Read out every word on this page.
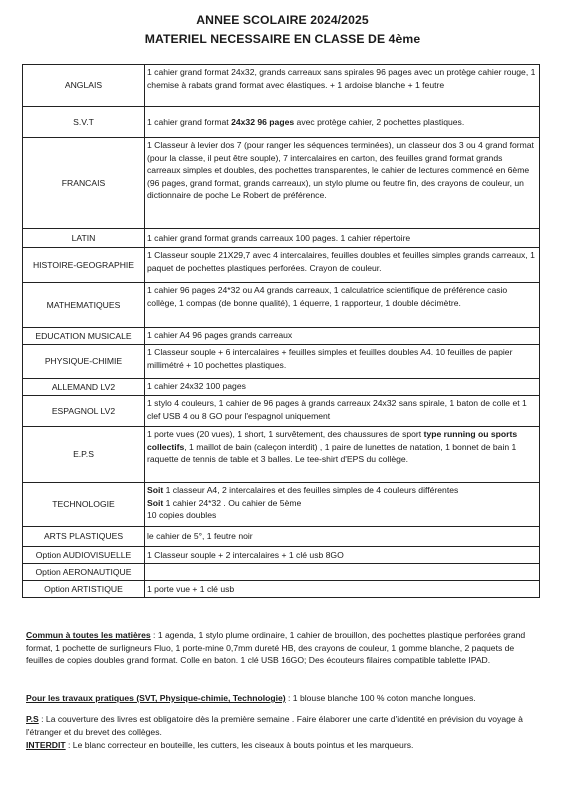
ANNEE SCOLAIRE 2024/2025
MATERIEL NECESSAIRE EN CLASSE DE 4ème
ANGLAIS	1 cahier grand format 24x32, grands carreaux sans spirales 96 pages avec un protège cahier rouge, 1 chemise à rabats grand format avec élastiques. + 1 ardoise blanche + 1 feutre
S.V.T	1 cahier grand format 24x32 96 pages avec protège cahier, 2 pochettes plastiques.
FRANCAIS	1 Classeur à levier dos 7 (pour ranger les séquences terminées), un classeur dos 3 ou 4 grand format (pour la classe, il peut être souple), 7 intercalaires en carton, des feuilles grand format grands carreaux simples et doubles, des pochettes transparentes, le cahier de lectures commencé en 6ème (96 pages, grand format, grands carreaux), un stylo plume ou feutre fin, des crayons de couleur, un dictionnaire de poche Le Robert de préférence.
LATIN	1 cahier grand format grands carreaux 100 pages. 1 cahier répertoire
HISTOIRE-GEOGRAPHIE	1 Classeur souple 21X29,7 avec 4 intercalaires, feuilles doubles et feuilles simples grands carreaux, 1 paquet de pochettes plastiques perforées. Crayon de couleur.
MATHEMATIQUES	1 cahier 96 pages 24*32 ou A4 grands carreaux, 1 calculatrice scientifique de préférence casio collège, 1 compas (de bonne qualité), 1 équerre, 1 rapporteur, 1 double décimètre.
EDUCATION MUSICALE	1 cahier A4 96 pages grands carreaux
PHYSIQUE-CHIMIE	1 Classeur souple + 6 intercalaires + feuilles simples et feuilles doubles A4. 10 feuilles de papier millimétré + 10 pochettes plastiques.
ALLEMAND LV2	1 cahier 24x32 100 pages
ESPAGNOL LV2	1 stylo 4 couleurs, 1 cahier de 96 pages à grands carreaux 24x32 sans spirale, 1 baton de colle et 1 clef USB 4 ou 8 GO pour l'espagnol uniquement
E.P.S	1 porte vues (20 vues), 1 short, 1 survêtement, des chaussures de sport type running ou sports collectifs, 1 maillot de bain (caleçon interdit) , 1 paire de lunettes de natation, 1 bonnet de bain 1 raquette de tennis de table et 3 balles. Le tee-shirt d'EPS du collège.
TECHNOLOGIE	Soit 1 classeur A4, 2 intercalaires et des feuilles simples de 4 couleurs différentes
Soit 1 cahier 24*32 . Ou cahier de 5ème
10 copies doubles

ARTS PLASTIQUES	le cahier de 5°, 1 feutre noir
Option AUDIOVISUELLE	1 Classeur souple + 2 intercalaires + 1 clé usb 8GO
Option AERONAUTIQUE	
Option ARTISTIQUE	1 porte vue + 1 clé usb
Commun à toutes les matières : 1 agenda, 1 stylo plume ordinaire, 1 cahier de brouillon, des pochettes plastique perforées grand format, 1 pochette de surligneurs Fluo, 1 porte-mine 0,7mm dureté HB, des crayons de couleur, 1 gomme blanche, 2 paquets de feuilles de copies doubles grand format. Colle en baton. 1 clé USB 16GO; Des écouteurs filaires compatible tablette IPAD.
Pour les travaux pratiques (SVT, Physique-chimie, Technologie) : 1 blouse blanche 100 % coton manche longues.
P.S : La couverture des livres est obligatoire dès la première semaine . Faire élaborer une carte d'identité en prévision du voyage à l'étranger et du brevet des collèges.
INTERDIT : Le blanc correcteur en bouteille, les cutters, les ciseaux à bouts pointus et les marqueurs.
